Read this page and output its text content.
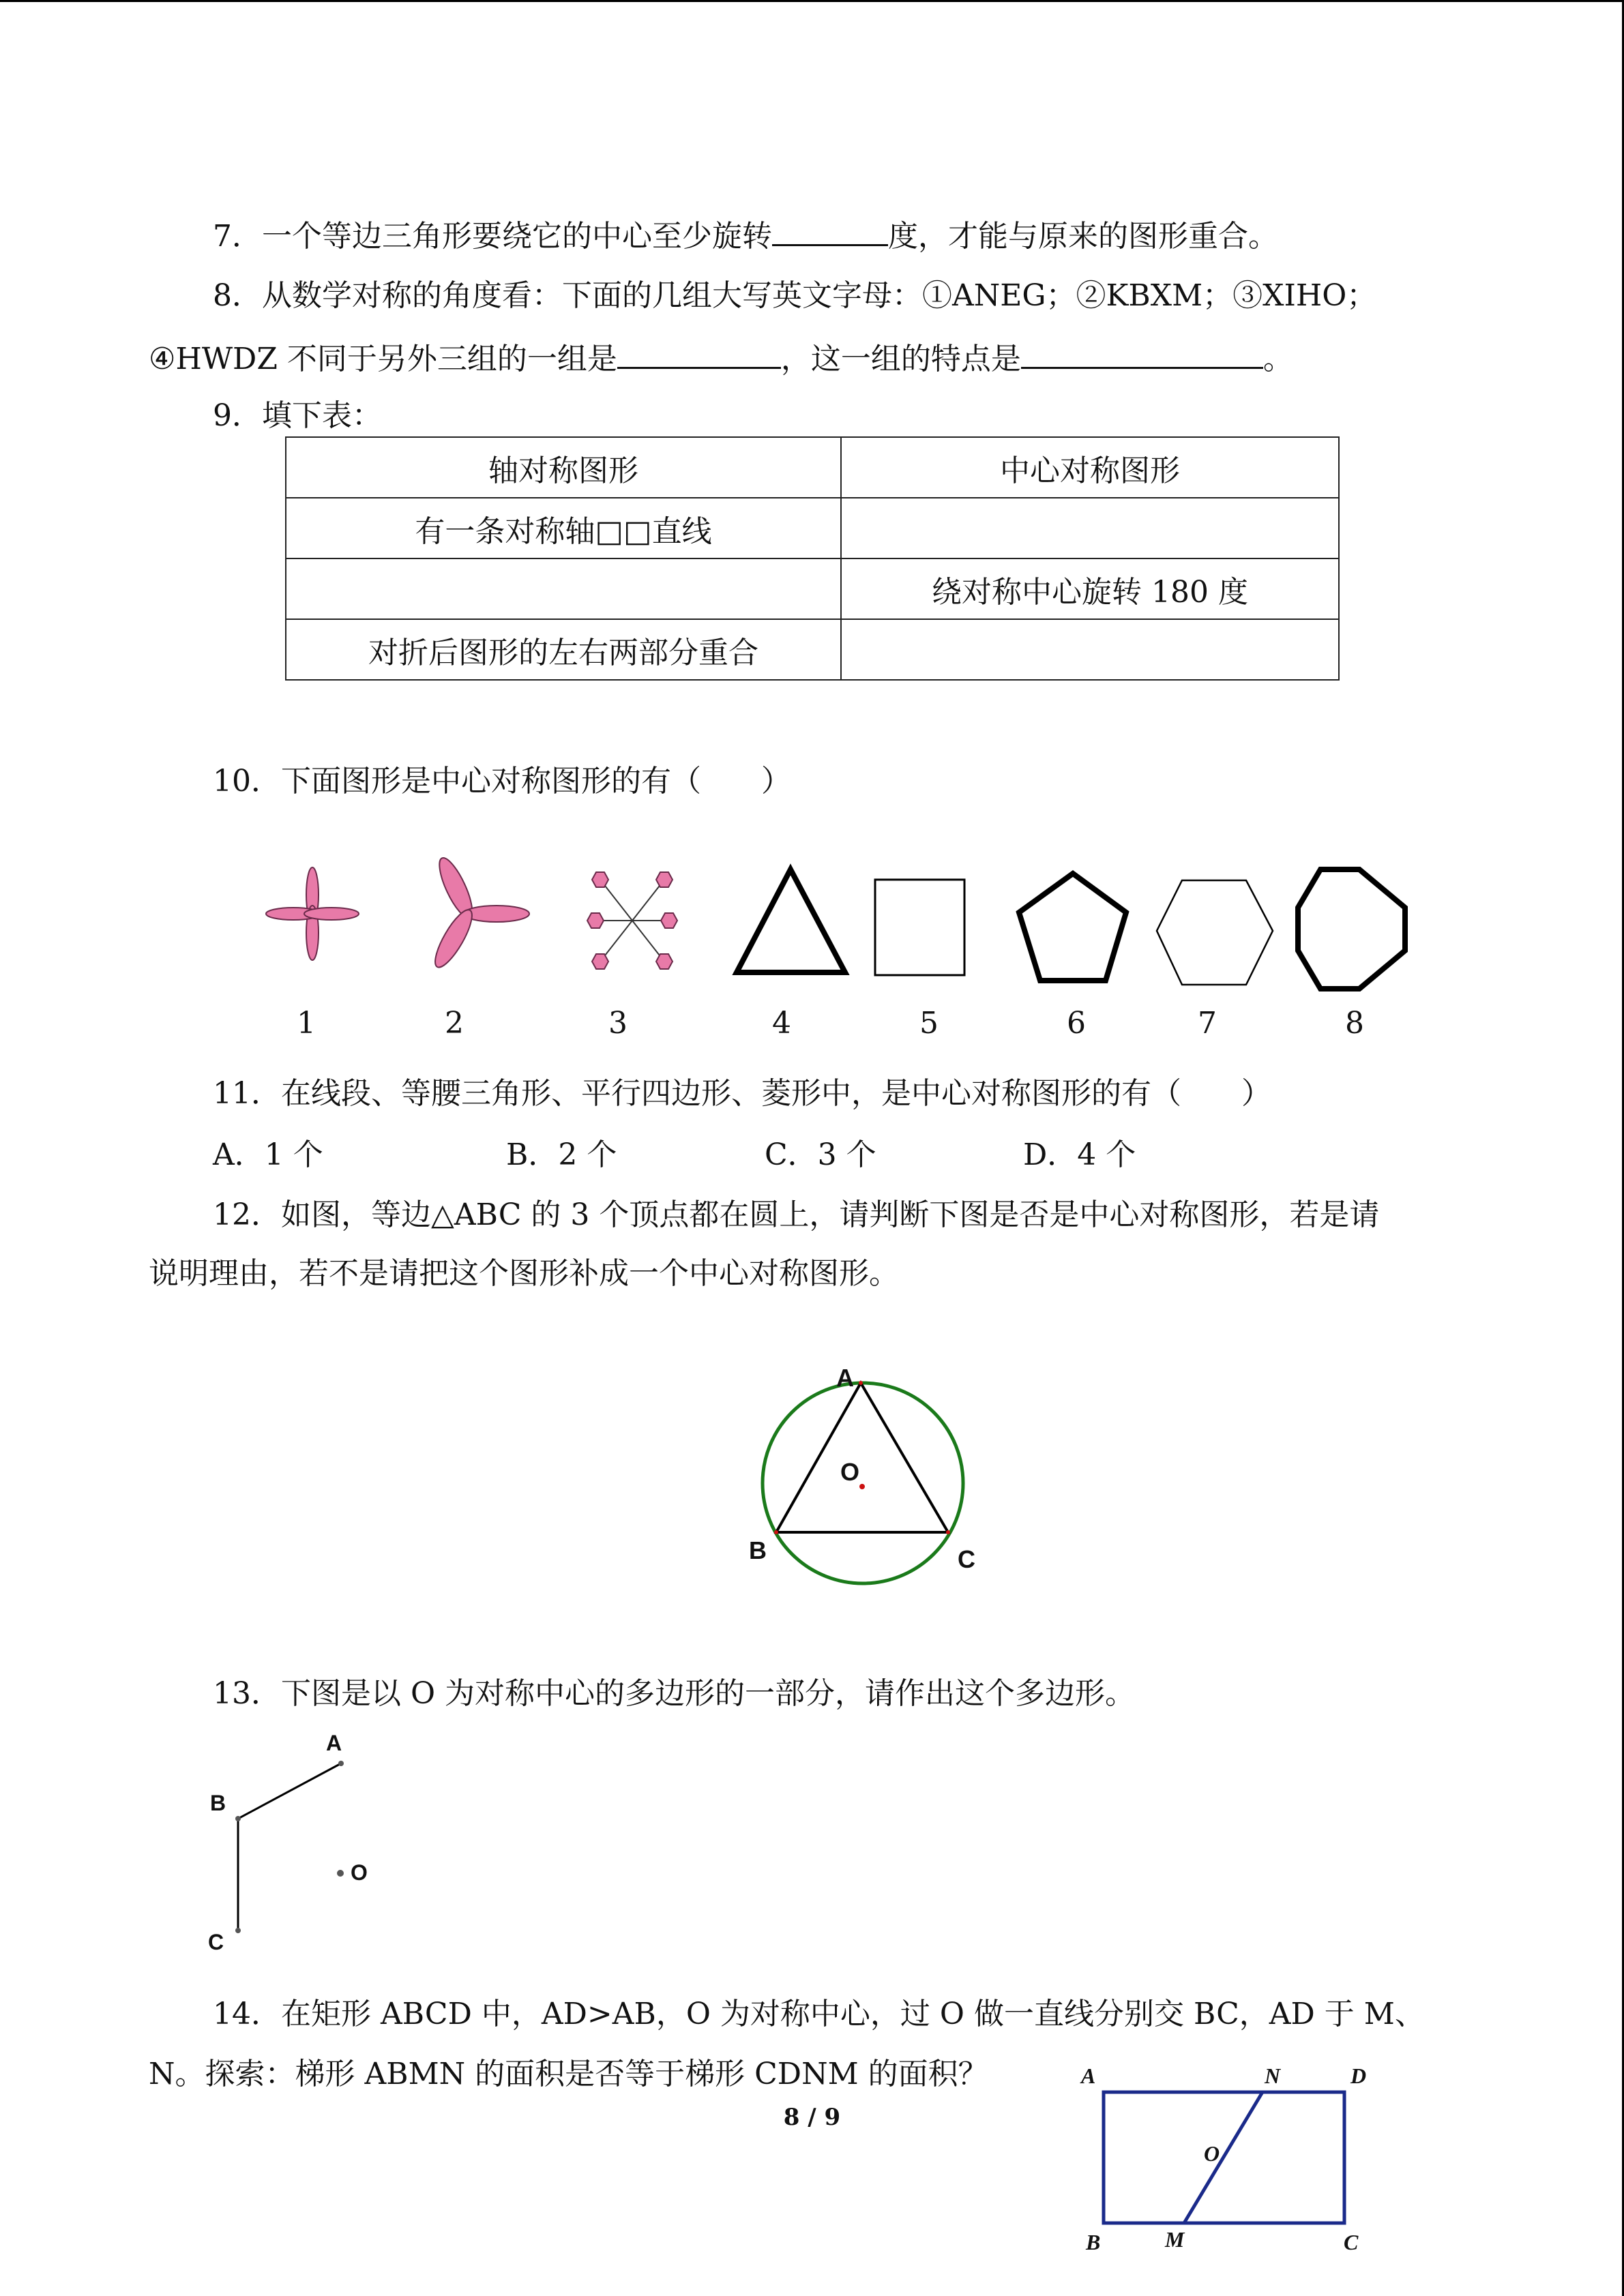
7．一个等边三角形要绕它的中心至少旋转	度，才能与原来的图形重合。
8．从数学对称的角度看：下面的几组大写英文字母：①ANEG；②KBXM；③XIHO；
④HWDZ 不同于另外三组的一组是	，这一组的特点是	。
9．填下表：
轴对称图形	中心对称图形
有一条对称轴□□直线	
	绕对称中心旋转 180 度
对折后图形的左右两部分重合	
10．下面图形是中心对称图形的有（　　）
1	2	3	4	5	6	7	8
11．在线段、等腰三角形、平行四边形、菱形中，是中心对称图形的有（　　）
A．1 个	B．2 个	C．3 个	D．4 个
12．如图，等边△ABC 的 3 个顶点都在圆上，请判断下图是否是中心对称图形，若是请
说明理由，若不是请把这个图形补成一个中心对称图形。
A
O
B	C
13．下图是以 O 为对称中心的多边形的一部分，请作出这个多边形。
A
B
O
C
14．在矩形 ABCD 中，AD>AB，O 为对称中心，过 O 做一直线分别交 BC，AD 于 M、
N。探索：梯形 ABMN 的面积是否等于梯形 CDNM 的面积？	A	N	D
O
B	M	C
8 / 9
